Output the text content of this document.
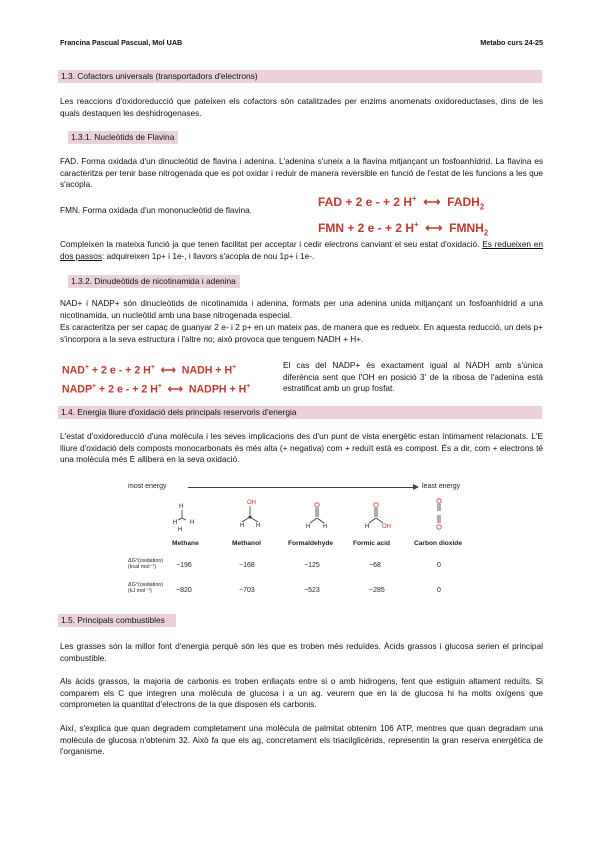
Francina Pascual Pascual, Mol UAB	Metabo curs 24-25
1.3. Cofactors universals (transportadors d'electrons)

Les reaccions d'oxidoreducció que pateixen els cofactors són catalitzades per enzims anomenats oxidoreductases, dins de les quals destaquen les deshidrogenases.

1.3.1. Nucleòtids de Flavina

FAD. Forma oxidada d'un dinucleòtid de flavina i adenina. L'adenina s'uneix a la flavina mitjançant un fosfoanhídrid. La flavina es caracteritza per tenir base nitrogenada que es pot oxidar i reduir de manera reversible en funció de l'estat de les funcions a les que s'acopla.

FMN. Forma oxidada d'un mononucleòtid de flavina.

FAD + 2 e - + 2 H+  ⟷  $FADH_2$
FMN + 2 e - + 2 H+  ⟷  $FMNH_2$

Compleixen la mateixa funció ja que tenen facilitat per acceptar i cedir electrons canviant el seu estat d'oxidació. Es redueixen en dos passos: adquireixen 1p+ i 1e-, i llavors s'acopla de nou 1p+ i 1e-.

1.3.2. Dinudeòtids de nicotinamida i adenina

NAD+ i NADP+ són dinucleòtids de nicotinamida i adenina, formats per una adenina unida mitjançant un fosfoanhídrid a una nicotinamida, un nucleòtid amb una base nitrogenada especial.

Es caracteritza per ser capaç de guanyar 2 e- i 2 p+ en un mateix pas, de manera que es redueix. En aquesta reducció, un dels p+ s'incorpora a la seva estructura i l'altre no; això provoca que tenguem NADH + H+.

NAD+ + 2 e - + 2 H+  ⟷  NADH + H+
NADP+ + 2 e - + 2 H+  ⟷  NADPH + H+

El cas del NADP+ és exactament igual al NADH amb s'única diferència sent que l'OH en posició 3' de la ribosa de l'adenina està estratificat amb un grup fosfat.

1.4. Energia lliure d'oxidació dels principals reservoris d'energia

L'estat d'oxidoreducció d'una molècula i les seves implicacions des d'un punt de vista energètic estan íntimament relacionats. L'E lliure d'oxidació dels composts monocarbonats és més alta (+ negativa) com + reduït està es compost. És a dir, com + electrons té una molècula més E allibera en la seva oxidació.

most energy	least energy
H
H H
H
OH
H H	H H	H OH
Methane	Methanol	Formaldehyde	Formic acid	Carbon dioxide
ΔG°(oxidation)
(kcal mol⁻¹)	−196	−168	−125	−68	0
ΔG°(oxidation)
(kJ mol⁻¹)	−820	−703	−523	−285	0
1.5. Principals combustibles

Les grasses són la millor font d'energia perquè són les que es troben més reduïdes. Àcids grassos i glucosa serien el principal combustible.

Als àcids grassos, la majoria de carbonis es troben enllaçats entre si o amb hidrogens, fent que estiguin altament reduïts. Si comparem els C que integren una molècula de glucosa i a un ag. veurem que en la de glucosa hi ha molts oxígens que comprometen la quantitat d'electrons de la que disposen els carbonis.

Així, s'explica que quan degradem completament una molècula de palmitat obtenim 106 ATP, mentres que quan degradam una molècula de glucosa n'obtenim 32. Això fa que els ag, concretament els triacilglicèrids, representin la gran reserva energètica de l'organisme.
